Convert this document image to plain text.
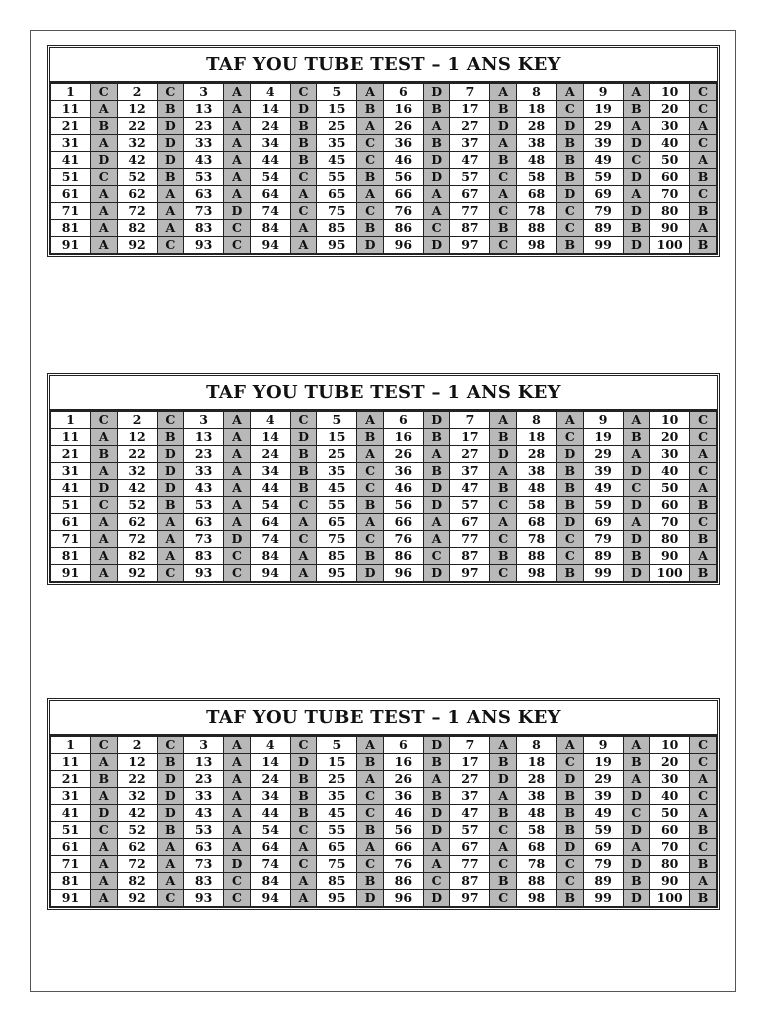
TAF YOU TUBE TEST – 1 ANS KEY
1	C	2	C	3	A	4	C	5	A	6	D	7	A	8	A	9	A	10	C
11	A	12	B	13	A	14	D	15	B	16	B	17	B	18	C	19	B	20	C
21	B	22	D	23	A	24	B	25	A	26	A	27	D	28	D	29	A	30	A
31	A	32	D	33	A	34	B	35	C	36	B	37	A	38	B	39	D	40	C
41	D	42	D	43	A	44	B	45	C	46	D	47	B	48	B	49	C	50	A
51	C	52	B	53	A	54	C	55	B	56	D	57	C	58	B	59	D	60	B
61	A	62	A	63	A	64	A	65	A	66	A	67	A	68	D	69	A	70	C
71	A	72	A	73	D	74	C	75	C	76	A	77	C	78	C	79	D	80	B
81	A	82	A	83	C	84	A	85	B	86	C	87	B	88	C	89	B	90	A
91	A	92	C	93	C	94	A	95	D	96	D	97	C	98	B	99	D	100	B
TAF YOU TUBE TEST – 1 ANS KEY
1	C	2	C	3	A	4	C	5	A	6	D	7	A	8	A	9	A	10	C
11	A	12	B	13	A	14	D	15	B	16	B	17	B	18	C	19	B	20	C
21	B	22	D	23	A	24	B	25	A	26	A	27	D	28	D	29	A	30	A
31	A	32	D	33	A	34	B	35	C	36	B	37	A	38	B	39	D	40	C
41	D	42	D	43	A	44	B	45	C	46	D	47	B	48	B	49	C	50	A
51	C	52	B	53	A	54	C	55	B	56	D	57	C	58	B	59	D	60	B
61	A	62	A	63	A	64	A	65	A	66	A	67	A	68	D	69	A	70	C
71	A	72	A	73	D	74	C	75	C	76	A	77	C	78	C	79	D	80	B
81	A	82	A	83	C	84	A	85	B	86	C	87	B	88	C	89	B	90	A
91	A	92	C	93	C	94	A	95	D	96	D	97	C	98	B	99	D	100	B
TAF YOU TUBE TEST – 1 ANS KEY
1	C	2	C	3	A	4	C	5	A	6	D	7	A	8	A	9	A	10	C
11	A	12	B	13	A	14	D	15	B	16	B	17	B	18	C	19	B	20	C
21	B	22	D	23	A	24	B	25	A	26	A	27	D	28	D	29	A	30	A
31	A	32	D	33	A	34	B	35	C	36	B	37	A	38	B	39	D	40	C
41	D	42	D	43	A	44	B	45	C	46	D	47	B	48	B	49	C	50	A
51	C	52	B	53	A	54	C	55	B	56	D	57	C	58	B	59	D	60	B
61	A	62	A	63	A	64	A	65	A	66	A	67	A	68	D	69	A	70	C
71	A	72	A	73	D	74	C	75	C	76	A	77	C	78	C	79	D	80	B
81	A	82	A	83	C	84	A	85	B	86	C	87	B	88	C	89	B	90	A
91	A	92	C	93	C	94	A	95	D	96	D	97	C	98	B	99	D	100	B
